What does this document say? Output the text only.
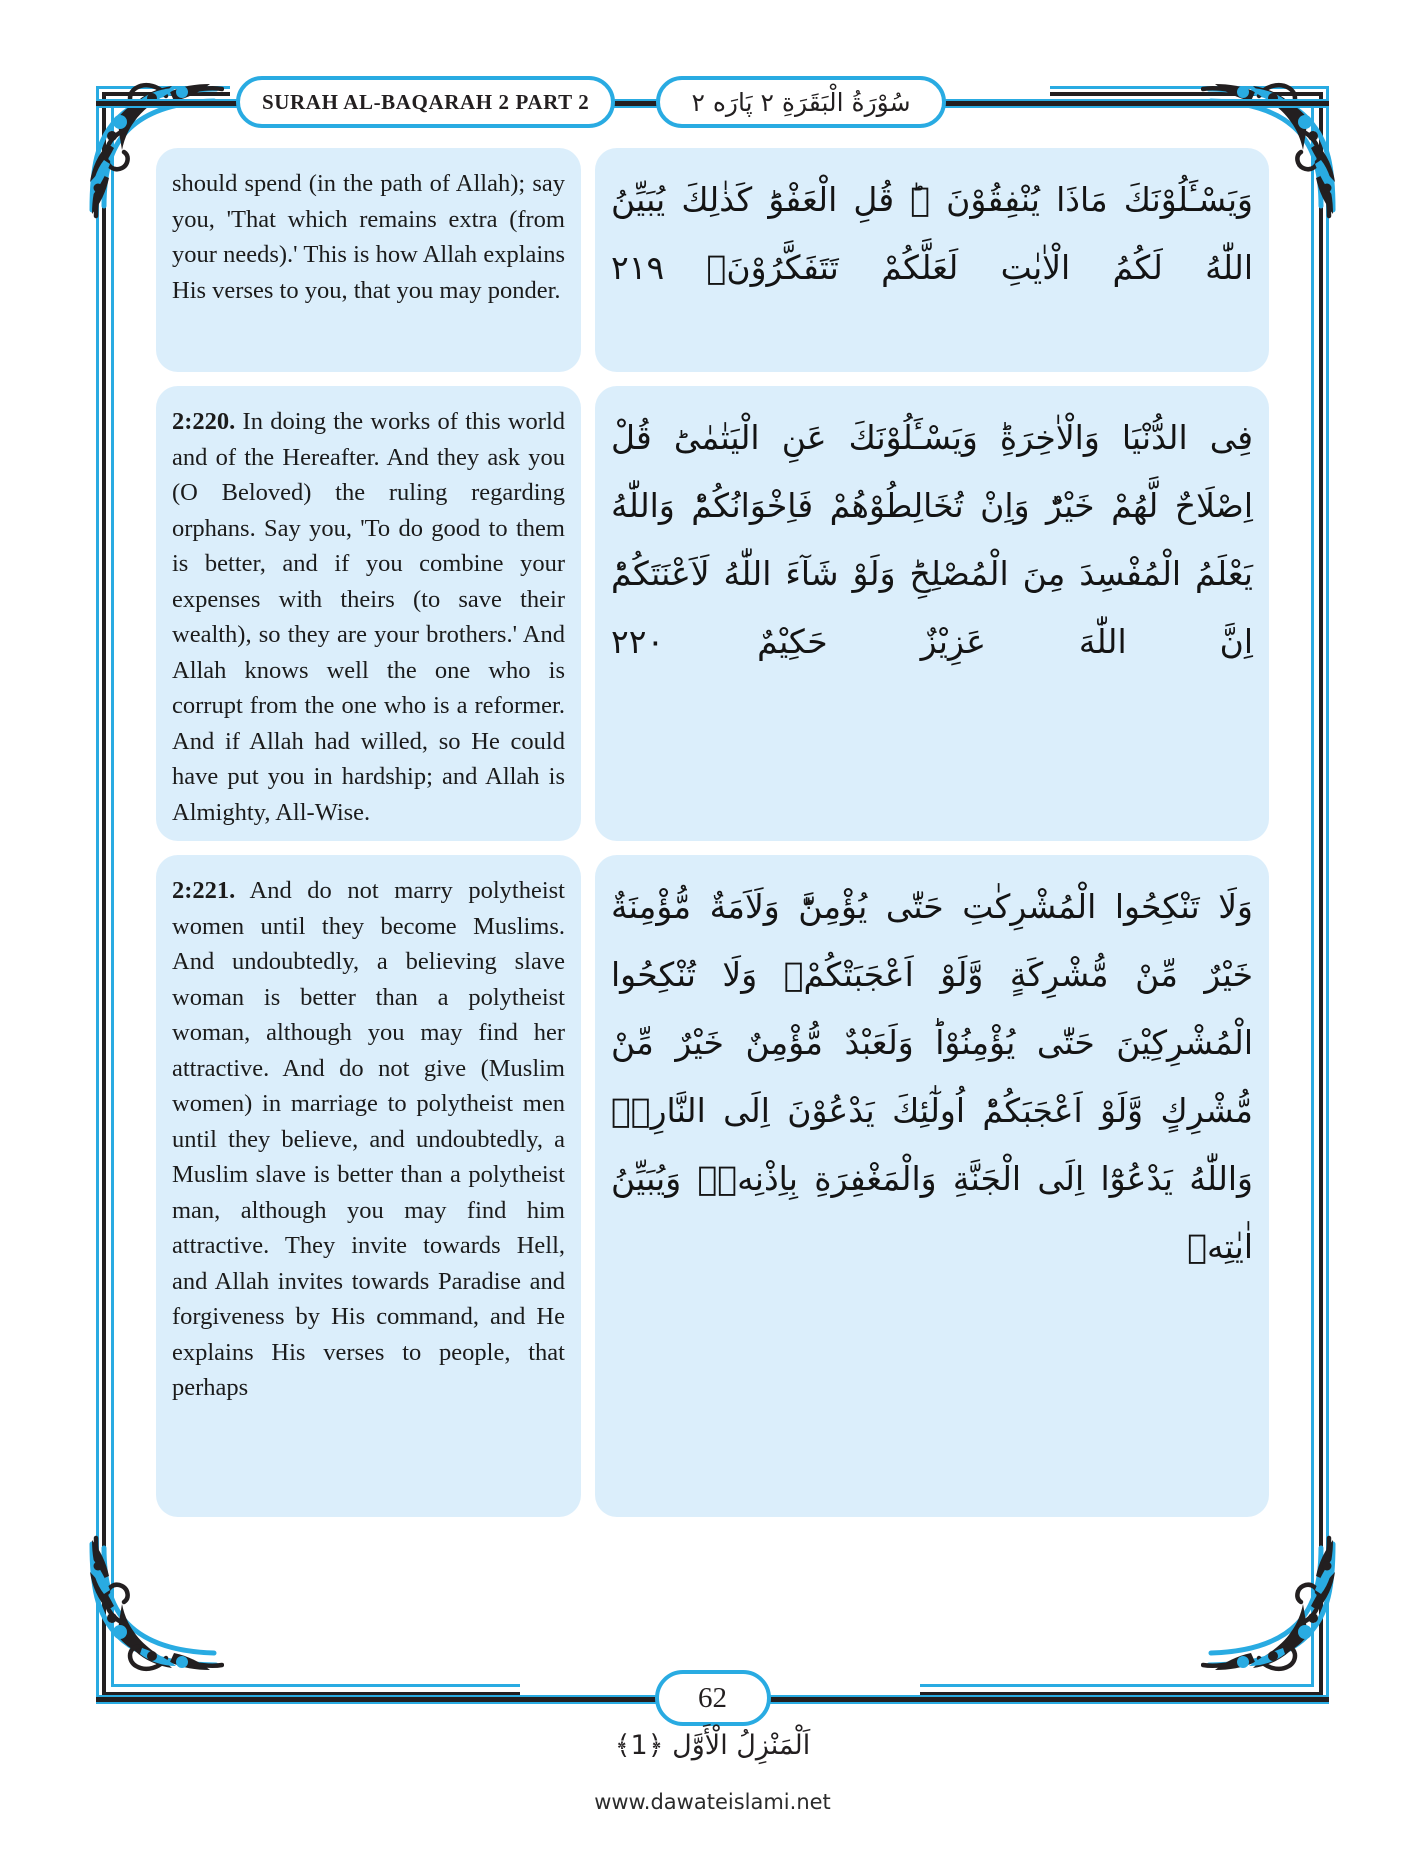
SURAH AL-BAQARAH 2 PART 2	سُوْرَةُ الْبَقَرَةِ ٢ پَارَه ٢

should spend (in the path of Allah); say you, 'That which remains extra (from your needs).' This is how Allah explains His verses to you, that you may ponder.

2:220. In doing the works of this world and of the Hereafter. And they ask you (O Beloved) the ruling regarding orphans. Say you, 'To do good to them is better, and if you combine your expenses with theirs (to save their wealth), so they are your brothers.' And Allah knows well the one who is corrupt from the one who is a reformer. And if Allah had willed, so He could have put you in hardship; and Allah is Almighty, All-Wise.

2:221. And do not marry polytheist women until they become Muslims. And undoubtedly, a believing slave woman is better than a polytheist woman, although you may find her attractive. And do not give (Muslim women) in marriage to polytheist men until they believe, and undoubtedly, a Muslim slave is better than a polytheist man, although you may find him attractive. They invite towards Hell, and Allah invites towards Paradise and forgiveness by His command, and He explains His verses to people, that perhaps

وَيَسْـَٔلُوْنَكَ مَاذَا يُنْفِقُوْنَ ۬ؕ قُلِ الْعَفْوَؕ كَذٰلِكَ يُبَيِّنُ اللّٰهُ لَكُمُ الْاٰيٰتِ لَعَلَّكُمْ تَتَفَكَّرُوْنَۙ ۲۱۹
فِى الدُّنْيَا وَالْاٰخِرَةِؕ وَيَسْـَٔلُوْنَكَ عَنِ الْيَتٰمٰىؕ قُلْ اِصْلَاحٌ لَّهُمْ خَيْرٌؕ وَاِنْ تُخَالِطُوْهُمْ فَاِخْوَانُكُمْؕ وَاللّٰهُ يَعْلَمُ الْمُفْسِدَ مِنَ الْمُصْلِحِؕ وَلَوْ شَآءَ اللّٰهُ لَاَعْنَتَكُمْؕ اِنَّ اللّٰهَ عَزِيْزٌ حَكِيْمٌ ۲۲۰
وَلَا تَنْكِحُوا الْمُشْرِكٰتِ حَتّٰى يُؤْمِنَّؕ وَلَاَمَةٌ مُّؤْمِنَةٌ خَيْرٌ مِّنْ مُّشْرِكَةٍ وَّلَوْ اَعْجَبَتْكُمْۚ وَلَا تُنْكِحُوا الْمُشْرِكِيْنَ حَتّٰى يُؤْمِنُوْاؕ وَلَعَبْدٌ مُّؤْمِنٌ خَيْرٌ مِّنْ مُّشْرِكٍ وَّلَوْ اَعْجَبَكُمْؕ اُولٰٓئِكَ يَدْعُوْنَ اِلَى النَّارِۖۚ وَاللّٰهُ يَدْعُوْٓا اِلَى الْجَنَّةِ وَالْمَغْفِرَةِ بِاِذْنِهٖۚ وَيُبَيِّنُ اٰيٰتِهٖ
62
اَلْمَنْزِلُ الْأَوَّل ﴿1﴾
www.dawateislami.net
